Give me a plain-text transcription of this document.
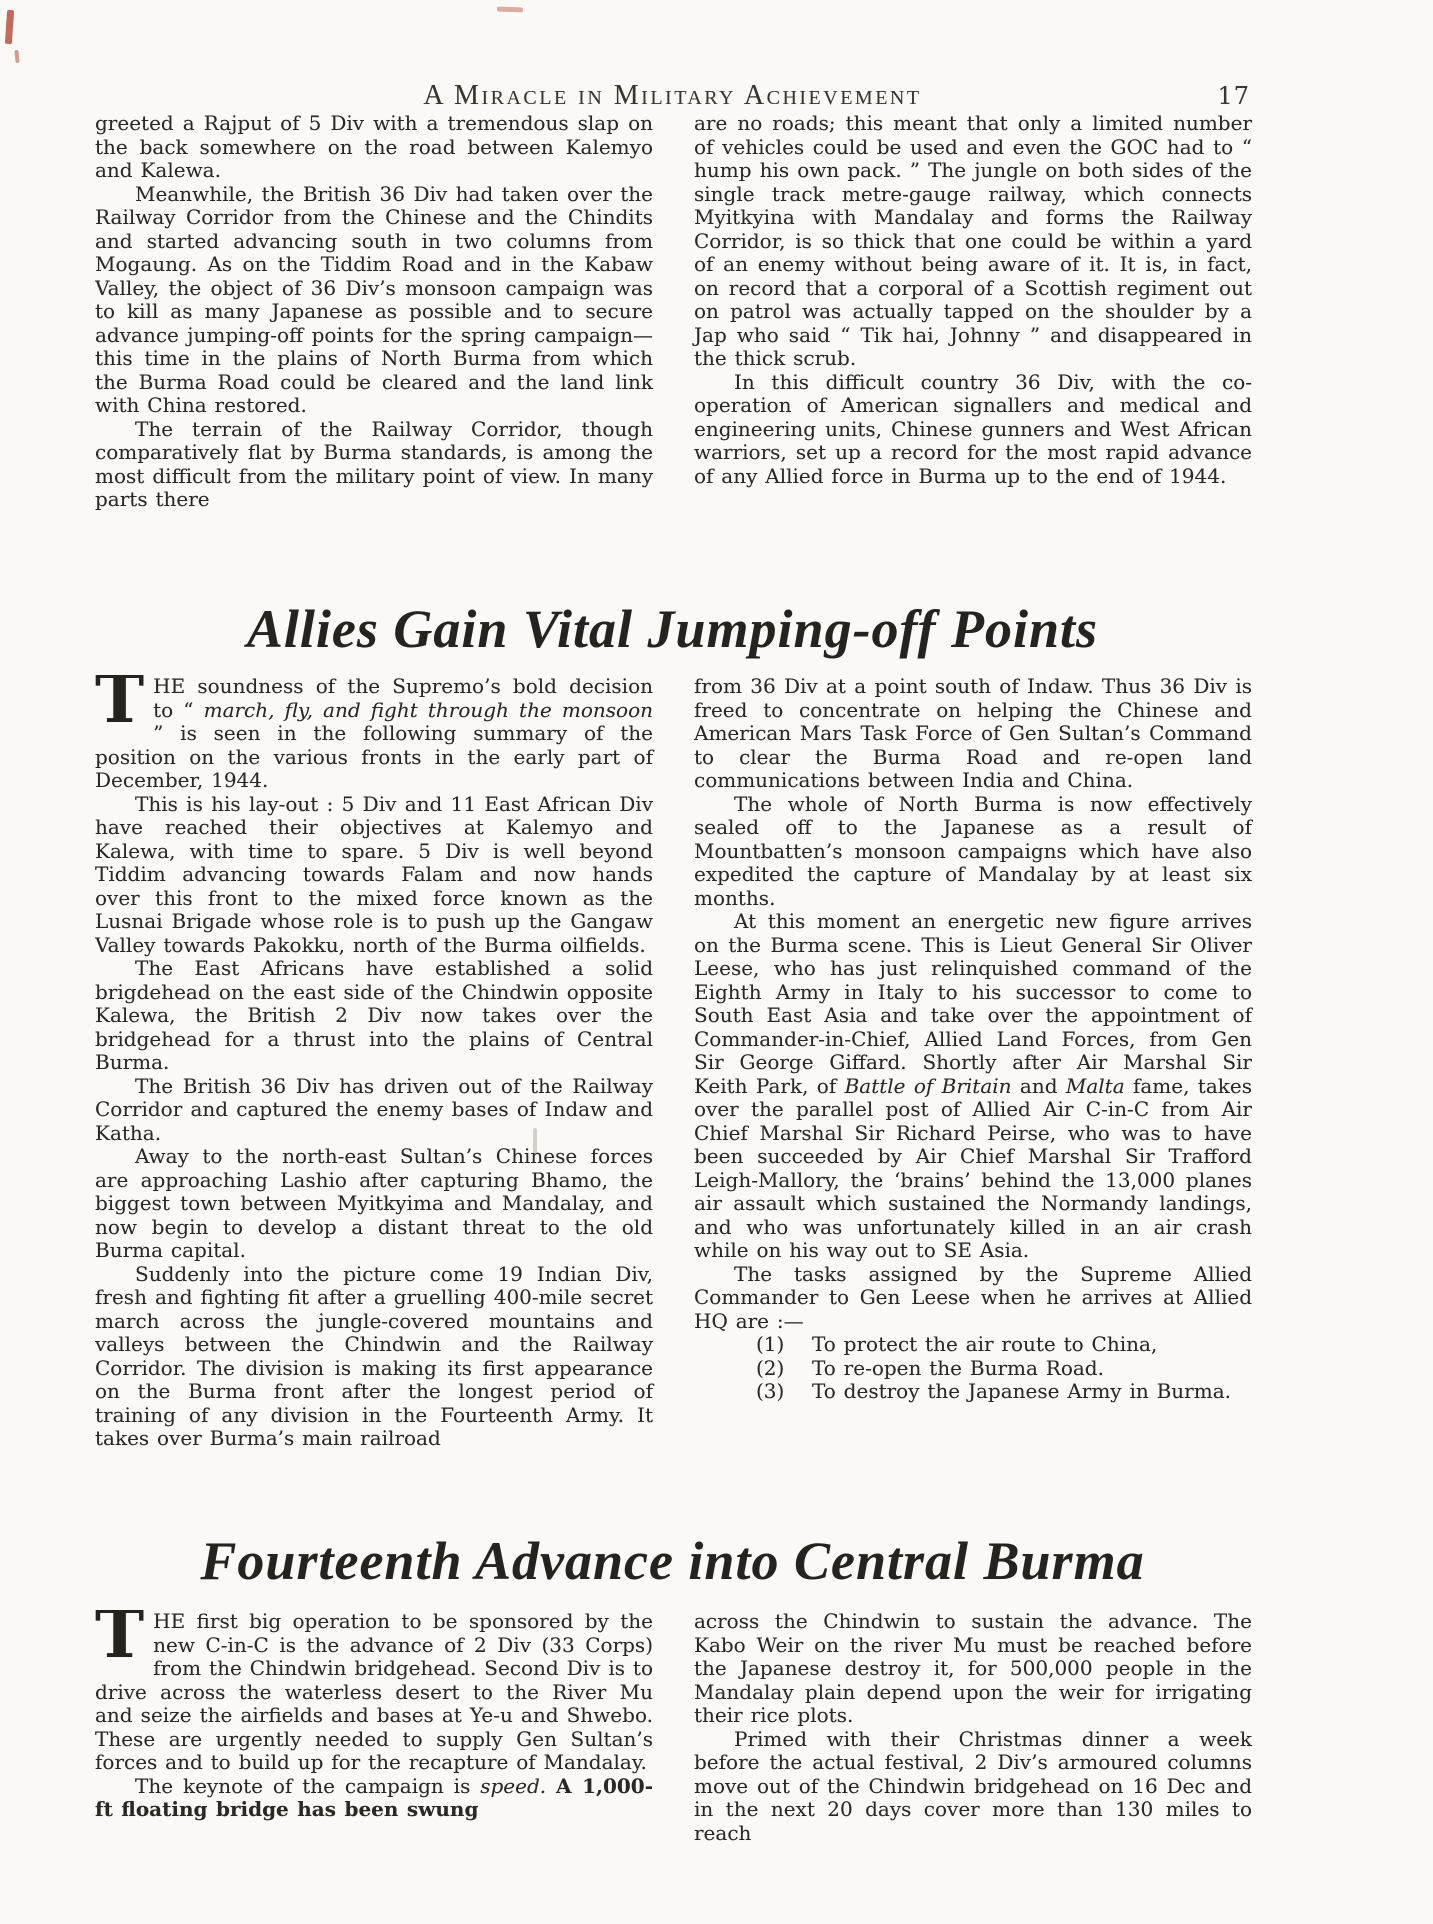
A Miracle in Military Achievement	17

greeted a Rajput of 5 Div with a tremendous slap on the back somewhere on the road between Kalemyo and Kalewa.

Meanwhile, the British 36 Div had taken over the Railway Corridor from the Chinese and the Chindits and started advancing south in two columns from Mogaung. As on the Tiddim Road and in the Kabaw Valley, the object of 36 Div’s monsoon campaign was to kill as many Japanese as possible and to secure advance jumping-off points for the spring campaign—this time in the plains of North Burma from which the Burma Road could be cleared and the land link with China restored.

The terrain of the Railway Corridor, though comparatively flat by Burma standards, is among the most difficult from the military point of view. In many parts there

are no roads; this meant that only a limited number of vehicles could be used and even the GOC had to “ hump his own pack. ” The jungle on both sides of the single track metre-gauge railway, which connects Myitkyina with Mandalay and forms the Railway Corridor, is so thick that one could be within a yard of an enemy without being aware of it. It is, in fact, on record that a corporal of a Scottish regiment out on patrol was actually tapped on the shoulder by a Jap who said “ Tik hai, Johnny ” and disappeared in the thick scrub.

In this difficult country 36 Div, with the co-operation of American signallers and medical and engineering units, Chinese gunners and West African warriors, set up a record for the most rapid advance of any Allied force in Burma up to the end of 1944.

Allies Gain Vital Jumping-off Points

THE soundness of the Supremo’s bold decision to “ march, fly, and fight through the monsoon ” is seen in the following summary of the position on the various fronts in the early part of December, 1944.

This is his lay-out : 5 Div and 11 East African Div have reached their objectives at Kalemyo and Kalewa, with time to spare. 5 Div is well beyond Tiddim advancing towards Falam and now hands over this front to the mixed force known as the Lusnai Brigade whose role is to push up the Gangaw Valley towards Pakokku, north of the Burma oilfields.

The East Africans have established a solid brigdehead on the east side of the Chindwin opposite Kalewa, the British 2 Div now takes over the bridgehead for a thrust into the plains of Central Burma.

The British 36 Div has driven out of the Railway Corridor and captured the enemy bases of Indaw and Katha.

Away to the north-east Sultan’s Chinese forces are approaching Lashio after capturing Bhamo, the biggest town between Myitkyima and Mandalay, and now begin to develop a distant threat to the old Burma capital.

Suddenly into the picture come 19 Indian Div, fresh and fighting fit after a gruelling 400-mile secret march across the jungle-covered mountains and valleys between the Chindwin and the Railway Corridor. The division is making its first appearance on the Burma front after the longest period of training of any division in the Fourteenth Army. It takes over Burma’s main railroad

from 36 Div at a point south of Indaw. Thus 36 Div is freed to concentrate on helping the Chinese and American Mars Task Force of Gen Sultan’s Command to clear the Burma Road and re-open land communications between India and China.

The whole of North Burma is now effectively sealed off to the Japanese as a result of Mountbatten’s monsoon campaigns which have also expedited the capture of Mandalay by at least six months.

At this moment an energetic new figure arrives on the Burma scene. This is Lieut General Sir Oliver Leese, who has just relinquished command of the Eighth Army in Italy to his successor to come to South East Asia and take over the appointment of Commander-in-Chief, Allied Land Forces, from Gen Sir George Giffard. Shortly after Air Marshal Sir Keith Park, of Battle of Britain and Malta fame, takes over the parallel post of Allied Air C-in-C from Air Chief Marshal Sir Richard Peirse, who was to have been succeeded by Air Chief Marshal Sir Trafford Leigh-Mallory, the ‘brains’ behind the 13,000 planes air assault which sustained the Normandy landings, and who was unfortunately killed in an air crash while on his way out to SE Asia.

The tasks assigned by the Supreme Allied Commander to Gen Leese when he arrives at Allied HQ are :—

(1) To protect the air route to China,

(2) To re-open the Burma Road.

(3) To destroy the Japanese Army in Burma.

Fourteenth Advance into Central Burma

THE first big operation to be sponsored by the new C-in-C is the advance of 2 Div (33 Corps) from the Chindwin bridgehead. Second Div is to drive across the waterless desert to the River Mu and seize the airfields and bases at Ye-u and Shwebo. These are urgently needed to supply Gen Sultan’s forces and to build up for the recapture of Mandalay.

The keynote of the campaign is speed. A 1,000-ft floating bridge has been swung

across the Chindwin to sustain the advance. The Kabo Weir on the river Mu must be reached before the Japanese destroy it, for 500,000 people in the Mandalay plain depend upon the weir for irrigating their rice plots.

Primed with their Christmas dinner a week before the actual festival, 2 Div’s armoured columns move out of the Chindwin bridgehead on 16 Dec and in the next 20 days cover more than 130 miles to reach
